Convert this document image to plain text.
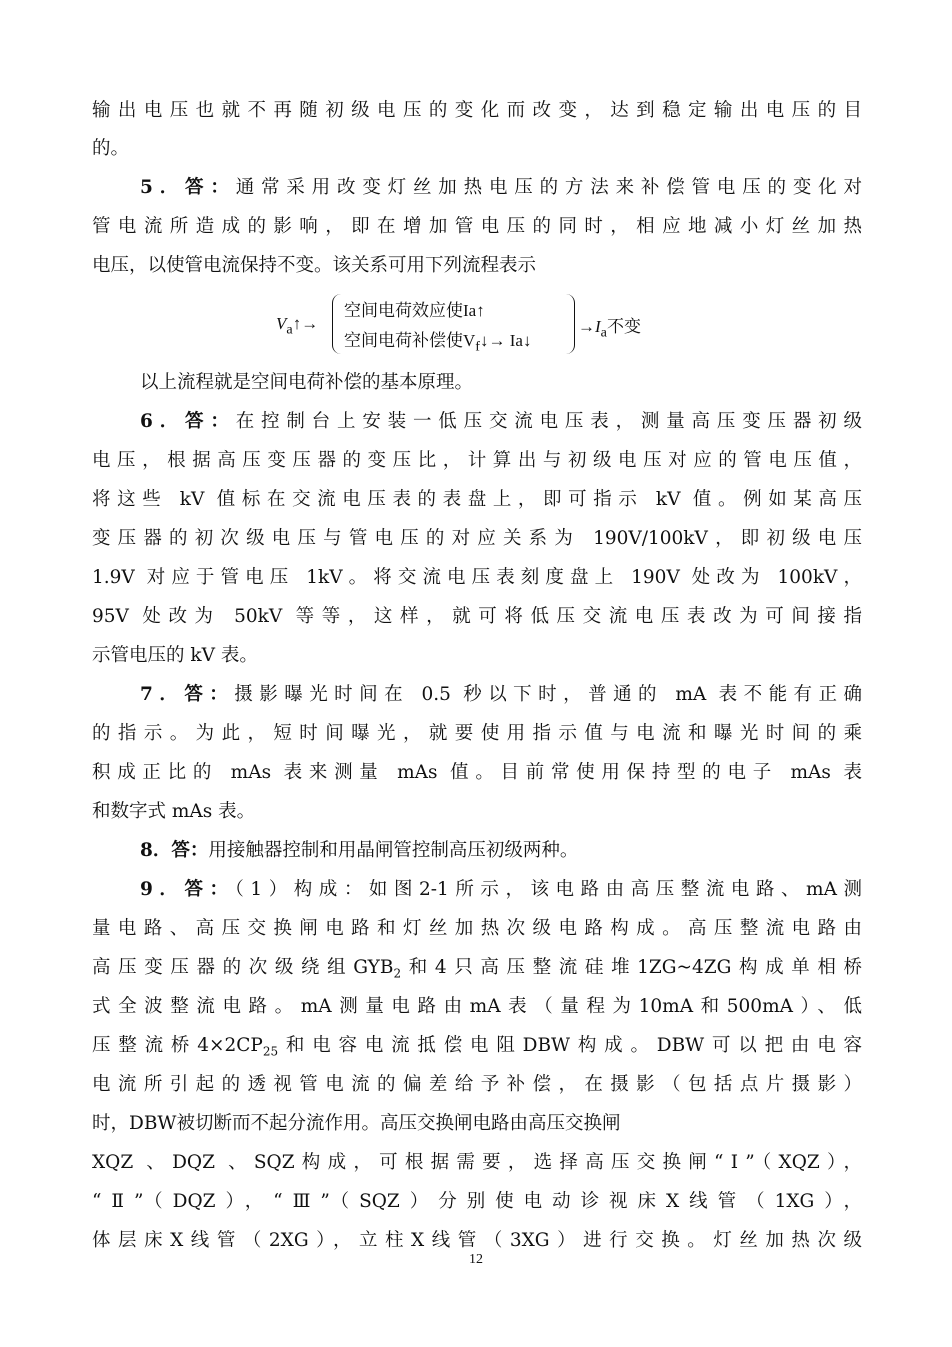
输出电压也就不再随初级电压的变化而改变，达到稳定输出电压的目
的。
5．答：通常采用改变灯丝加热电压的方法来补偿管电压的变化对
管电流所造成的影响，即在增加管电压的同时，相应地减小灯丝加热
电压，以使管电流保持不变。该关系可用下列流程表示
$V_a↑\to$
空间电荷效应使Ia↑
空间电荷补偿使$V_f↓\to$ Ia↓
$\to I_a$不变
以上流程就是空间电荷补偿的基本原理。
6．答：在控制台上安装一低压交流电压表，测量高压变压器初级
电压，根据高压变压器的变压比，计算出与初级电压对应的管电压值，
将这些 kV 值标在交流电压表的表盘上，即可指示 kV 值。例如某高压
变压器的初次级电压与管电压的对应关系为 190V/100kV，即初级电压
1.9V 对应于管电压 1kV。将交流电压表刻度盘上 190V 处改为 100kV，
95V 处改为 50kV 等等，这样，就可将低压交流电压表改为可间接指
示管电压的 kV 表。
7．答：摄影曝光时间在 0.5 秒以下时，普通的 mA 表不能有正确
的指示。为此，短时间曝光，就要使用指示值与电流和曝光时间的乘
积成正比的 mAs 表来测量 mAs 值。目前常使用保持型的电子 mAs 表
和数字式 mAs 表。
8．答：用接触器控制和用晶闸管控制高压初级两种。
9．答：（1）构成：如图2-1所示，该电路由高压整流电路、mA测
量电路、高压交换闸电路和灯丝加热次级电路构成。高压整流电路由
高压变压器的次级绕组$GYB_2$和4只高压整流硅堆1ZG~4ZG构成单相桥
式全波整流电路。mA测量电路由mA表（量程为10mA和500mA）、低
压整流桥$4\times 2CP_{25}$和电容电流抵偿电阻DBW构成。DBW可以把由电容
电流所引起的透视管电流的偏差给予补偿，在摄影（包括点片摄影）
时，DBW被切断而不起分流作用。高压交换闸电路由高压交换闸
XQZ 、DQZ 、SQZ构成，可根据需要，选择高压交换闸“Ⅰ”（XQZ），
“Ⅱ”（DQZ），“Ⅲ”（SQZ）分别使电动诊视床X线管（1XG），
体层床X线管（2XG），立柱X线管（3XG）进行交换。灯丝加热次级
12
